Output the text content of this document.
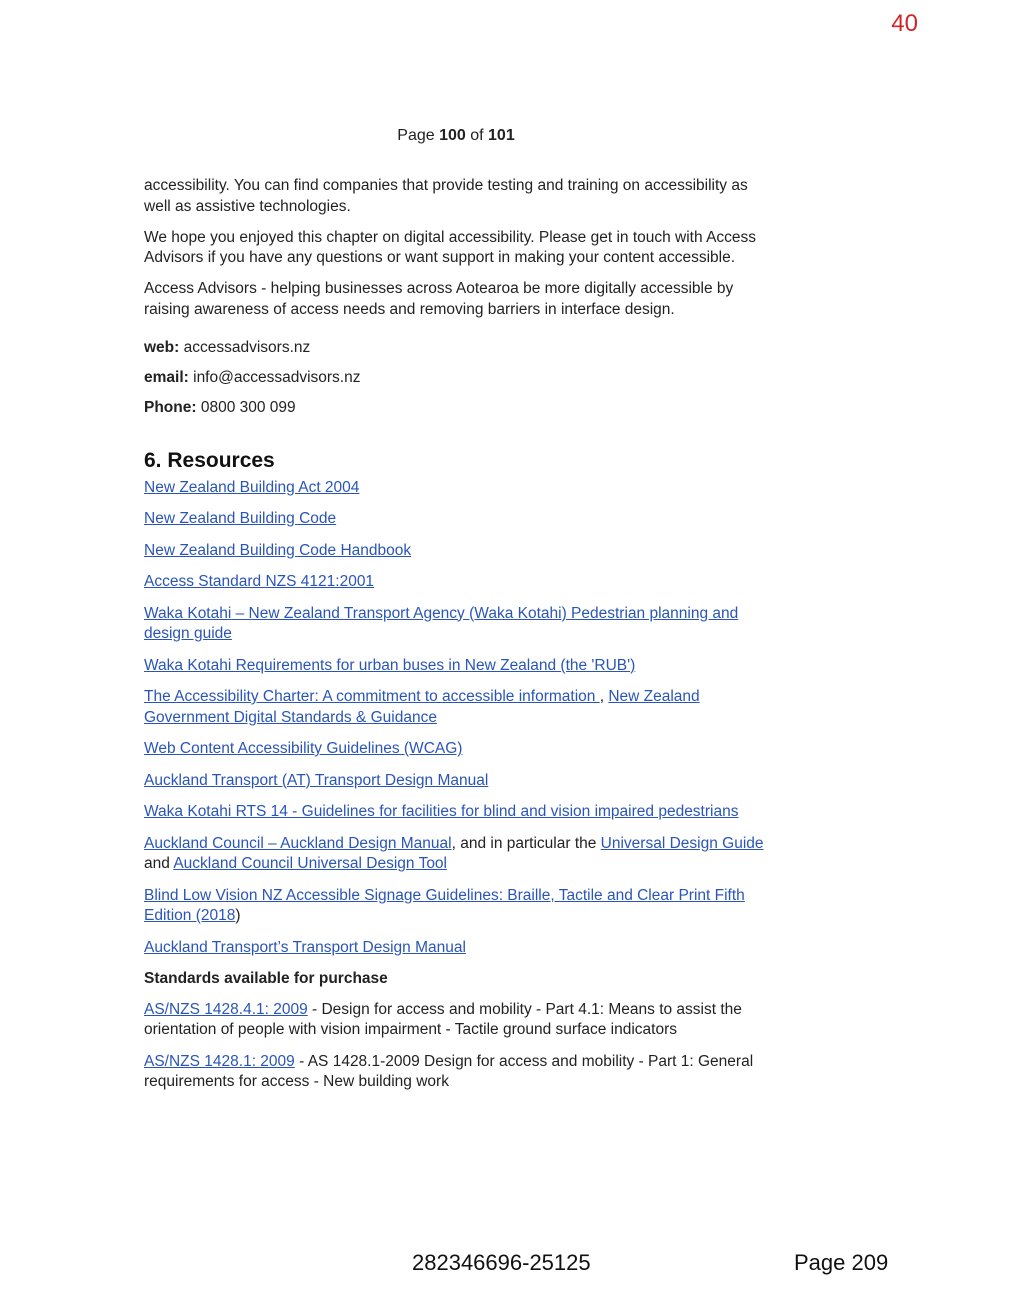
40
Page 100 of 101

accessibility. You can find companies that provide testing and training on accessibility as well as assistive technologies.

We hope you enjoyed this chapter on digital accessibility. Please get in touch with Access Advisors if you have any questions or want support in making your content accessible.

Access Advisors - helping businesses across Aotearoa be more digitally accessible by raising awareness of access needs and removing barriers in interface design.

web: accessadvisors.nz

email: info@accessadvisors.nz

Phone: 0800 300 099

6. Resources

New Zealand Building Act 2004

New Zealand Building Code

New Zealand Building Code Handbook

Access Standard NZS 4121:2001

Waka Kotahi – New Zealand Transport Agency (Waka Kotahi) Pedestrian planning and design guide

Waka Kotahi Requirements for urban buses in New Zealand (the 'RUB')

The Accessibility Charter: A commitment to accessible information , New Zealand Government Digital Standards & Guidance

Web Content Accessibility Guidelines (WCAG)

Auckland Transport (AT) Transport Design Manual

Waka Kotahi RTS 14 - Guidelines for facilities for blind and vision impaired pedestrians

Auckland Council – Auckland Design Manual, and in particular the Universal Design Guide and Auckland Council Universal Design Tool

Blind Low Vision NZ Accessible Signage Guidelines: Braille, Tactile and Clear Print Fifth Edition (2018)

Auckland Transport’s Transport Design Manual

Standards available for purchase

AS/NZS 1428.4.1: 2009 - Design for access and mobility - Part 4.1: Means to assist the orientation of people with vision impairment - Tactile ground surface indicators

AS/NZS 1428.1: 2009 - AS 1428.1-2009 Design for access and mobility - Part 1: General requirements for access - New building work

282346696-25125	Page 209
